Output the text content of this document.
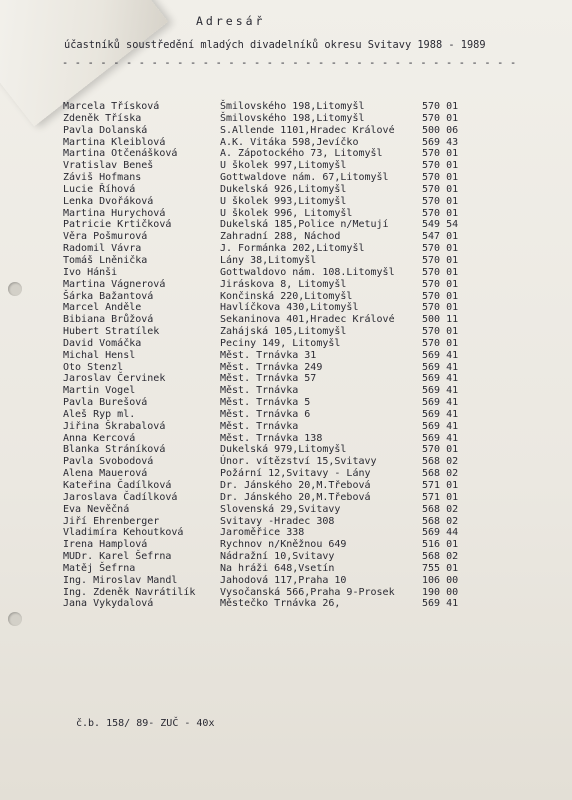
Adresář
účastníků soustředění mladých divadelníků okresu Svitavy 1988 - 1989
- - - - - - - - - - - - - - - - - - - - - - - - - - - - - - - - - - - -
Marcela Třísková	Šmilovského 198,Litomyšl	570 01
Zdeněk Tříska	Šmilovského 198,Litomyšl	570 01
Pavla Dolanská	S.Allende 1101,Hradec Králové	500 06
Martina Kleiblová	A.K. Vitáka 598,Jevíčko	569 43
Martina Otčenášková	A. Zápotockého 73, Litomyšl	570 01
Vratislav Beneš	U školek 997,Litomyšl	570 01
Záviš Hofmans	Gottwaldove nám. 67,Litomyšl	570 01
Lucie Říhová	Dukelská 926,Litomyšl	570 01
Lenka Dvořáková	U školek 993,Litomyšl	570 01
Martina Hurychová	U školek 996, Litomyšl	570 01
Patricie Krtičková	Dukelská 185,Police n/Metují	549 54
Věra Pošmurová	Zahradní 288, Náchod	547 01
Radomil Vávra	J. Formánka 202,Litomyšl	570 01
Tomáš Lněnička	Lány 38,Litomyšl	570 01
Ivo Hánši	Gottwaldovo nám. 108.Litomyšl	570 01
Martina Vágnerová	Jiráskova 8, Litomyšl	570 01
Šárka Bažantová	Končinská 220,Litomyšl	570 01
Marcel Anděle	Havlíčkova 430,Litomyšl	570 01
Bibiana Brůžová	Sekaninova 401,Hradec Králové	500 11
Hubert Stratílek	Zahájská 105,Litomyšl	570 01
David Vomáčka	Peciny 149, Litomyšl	570 01
Michal Hensl	Měst. Trnávka 31	569 41
Oto Stenzl	Měst. Trnávka 249	569 41
Jaroslav Červinek	Měst. Trnávka 57	569 41
Martin Vogel	Měst. Trnávka	569 41
Pavla Burešová	Měst. Trnávka 5	569 41
Aleš Ryp ml.	Měst. Trnávka 6	569 41
Jiřina Škrabalová	Měst. Trnávka	569 41
Anna Kercová	Měst. Trnávka 138	569 41
Blanka Stráníková	Dukelská 979,Litomyšl	570 01
Pavla Svobodová	Únor. vítězství 15,Svitavy	568 02
Alena Mauerová	Požární 12,Svitavy - Lány	568 02
Kateřina Čadílková	Dr. Jánského 20,M.Třebová	571 01
Jaroslava Čadílková	Dr. Jánského 20,M.Třebová	571 01
Eva Nevěčná	Slovenská 29,Svitavy	568 02
Jiří Ehrenberger	Svitavy -Hradec 308	568 02
Vladimíra Kehoutková	Jaroměřice 338	569 44
Irena Hamplová	Rychnov n/Kněžnou 649	516 01
MUDr. Karel Šefrna	Nádražní 10,Svitavy	568 02
Matěj Šefrna	Na hráži 648,Vsetín	755 01
Ing. Miroslav Mandl	Jahodová 117,Praha 10	106 00
Ing. Zdeněk Navrátilík Vysočanská 566,Praha 9-Prosek	190 00
Jana Vykydalová	Městečko Trnávka 26,	569 41
č.b. 158/ 89- ZUČ - 40x
